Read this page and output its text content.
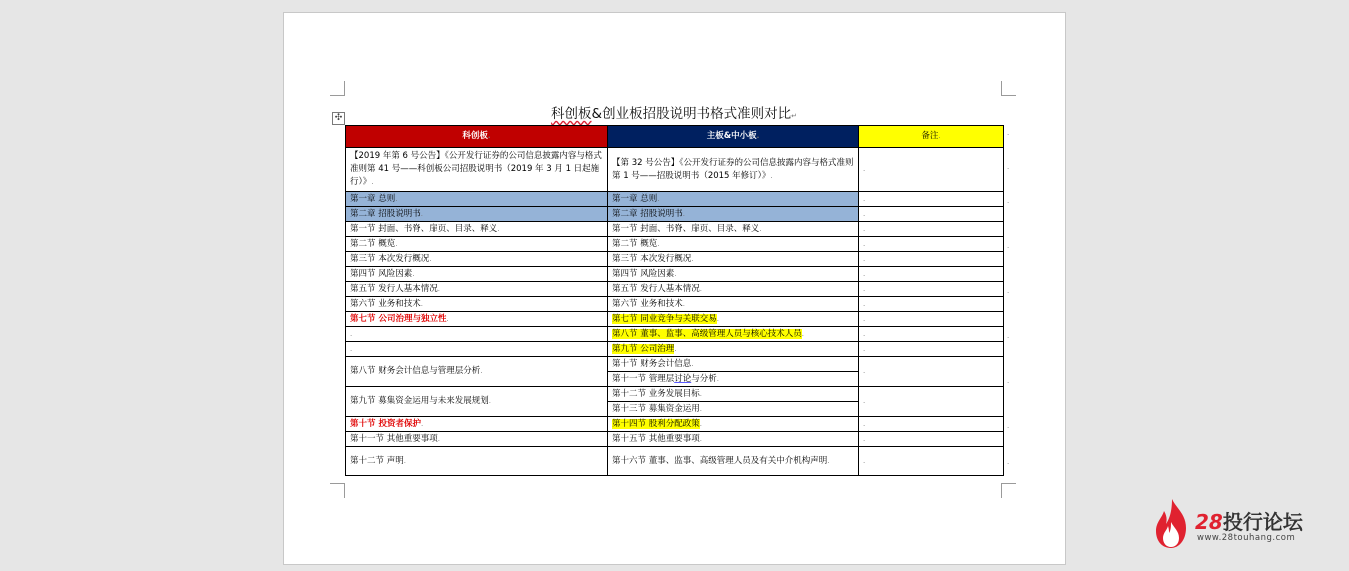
✣	科创板&创业板招股说明书格式准则对比↵
科创板.	主板&中小板.	备注.
【2019 年第 6 号公告】《公开发行证券的公司信息披露内容与格式准则第 41 号——科创板公司招股说明书（2019 年 3 月 1 日起施行）》.	【第 32 号公告】《公开发行证券的公司信息披露内容与格式准则第 1 号——招股说明书（2015 年修订）》.	.
第一章 总则.	第一章 总则.	.
第二章 招股说明书.	第二章 招股说明书.	.
第一节 封面、书脊、扉页、目录、释义.	第一节 封面、书脊、扉页、目录、释义.	.
第二节 概览.	第二节 概览.	.
第三节 本次发行概况.	第三节 本次发行概况.	.
第四节 风险因素.	第四节 风险因素.	.
第五节 发行人基本情况.	第五节 发行人基本情况.	.
第六节 业务和技术.	第六节 业务和技术.	.
第七节 公司治理与独立性.	第七节 同业竞争与关联交易.	.
.	第八节 董事、监事、高级管理人员与核心技术人员.	.
.	第九节 公司治理.	.
第八节 财务会计信息与管理层分析.	第十节 财务会计信息.	.
	第十一节 管理层讨论与分析.	
第九节 募集资金运用与未来发展规划.	第十二节 业务发展目标.	.
	第十三节 募集资金运用.	
第十节 投资者保护.	第十四节 股利分配政策.	.
第十一节 其他重要事项.	第十五节 其他重要事项.	.
第十二节 声明.	第十六节 董事、监事、高级管理人员及有关中介机构声明.	.
.
.
.
.
.
.
.
.
.
28投行论坛
www.28touhang.com
